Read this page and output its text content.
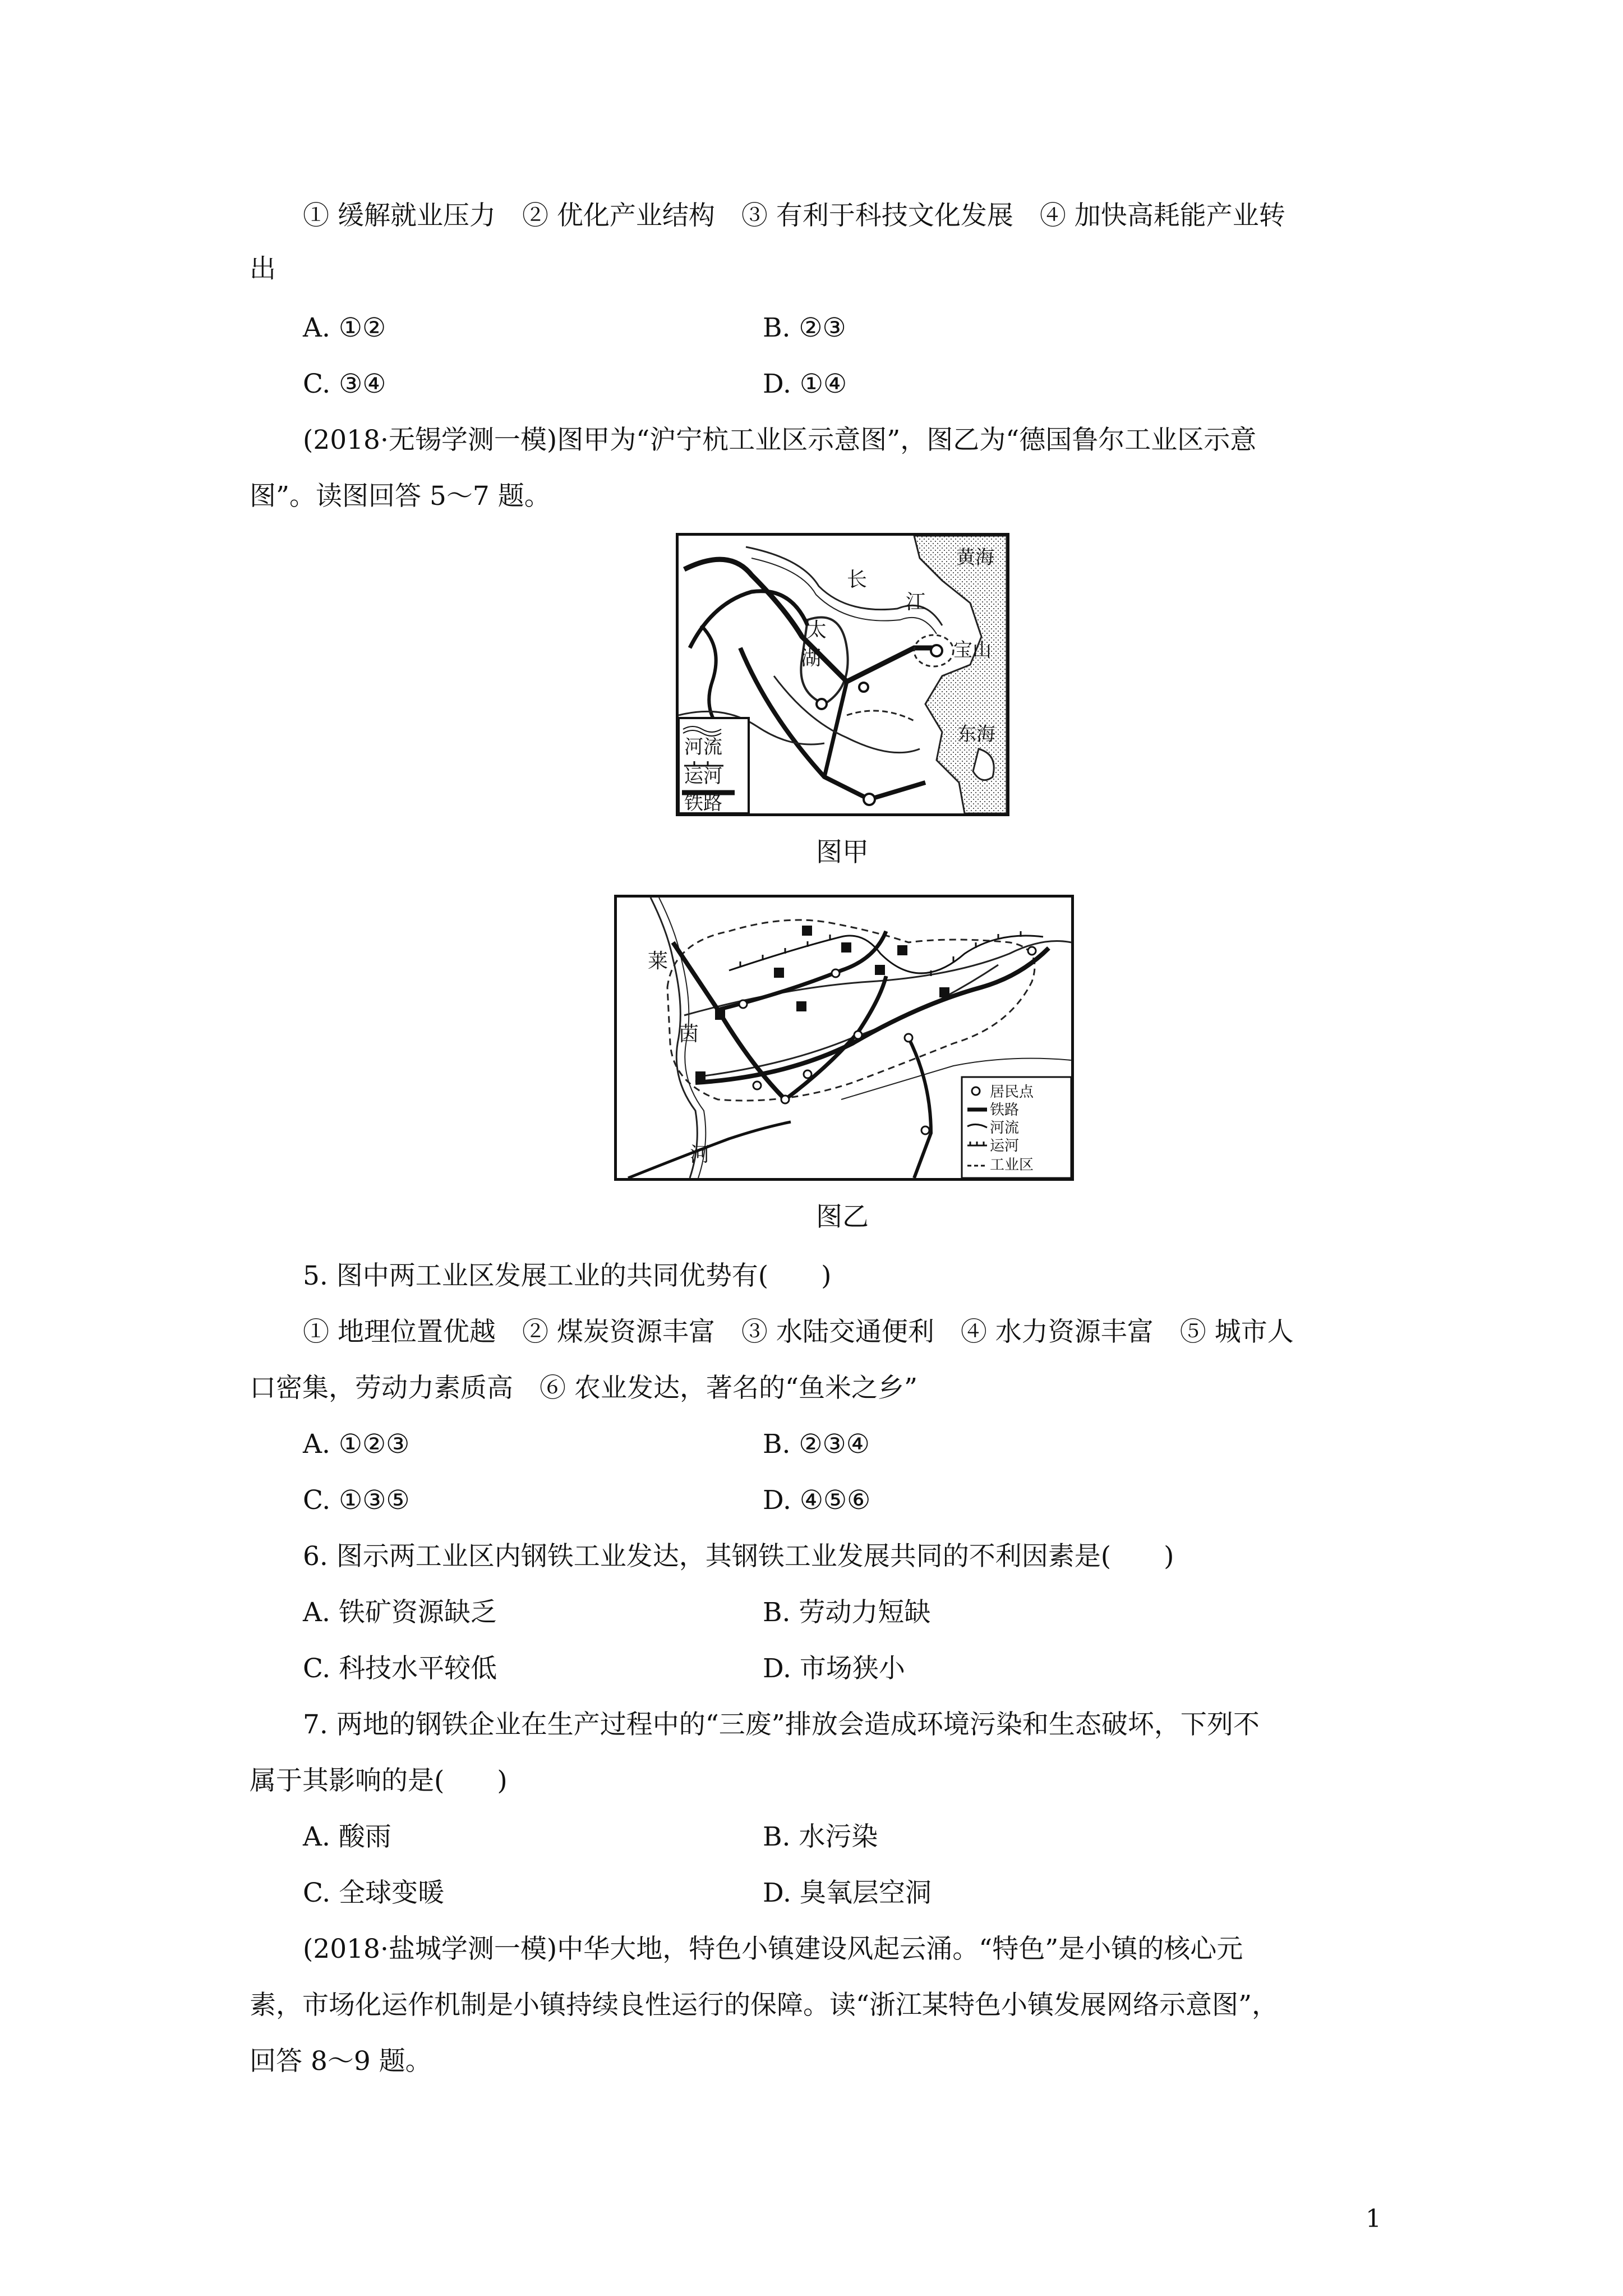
① 缓解就业压力　② 优化产业结构　③ 有利于科技文化发展　④ 加快高耗能产业转
出
A. ①②	B. ②③
C. ③④	D. ①④
(2018·无锡学测一模)图甲为“沪宁杭工业区示意图”，图乙为“德国鲁尔工业区示意
图”。读图回答 5～7 题。
长
江
黄海
太
湖	宝山
东海
河流
运河
铁路
图甲
莱
茵
河
居民点
铁路
河流
运河
工业区
图乙
5. 图中两工业区发展工业的共同优势有(　　)
① 地理位置优越　② 煤炭资源丰富　③ 水陆交通便利　④ 水力资源丰富　⑤ 城市人
口密集，劳动力素质高　⑥ 农业发达，著名的“鱼米之乡”
A. ①②③	B. ②③④
C. ①③⑤	D. ④⑤⑥
6. 图示两工业区内钢铁工业发达，其钢铁工业发展共同的不利因素是(　　)
A. 铁矿资源缺乏	B. 劳动力短缺
C. 科技水平较低	D. 市场狭小
7. 两地的钢铁企业在生产过程中的“三废”排放会造成环境污染和生态破坏，下列不
属于其影响的是(　　)
A. 酸雨	B. 水污染
C. 全球变暖	D. 臭氧层空洞
(2018·盐城学测一模)中华大地，特色小镇建设风起云涌。“特色”是小镇的核心元
素，市场化运作机制是小镇持续良性运行的保障。读“浙江某特色小镇发展网络示意图”，
回答 8～9 题。
1
